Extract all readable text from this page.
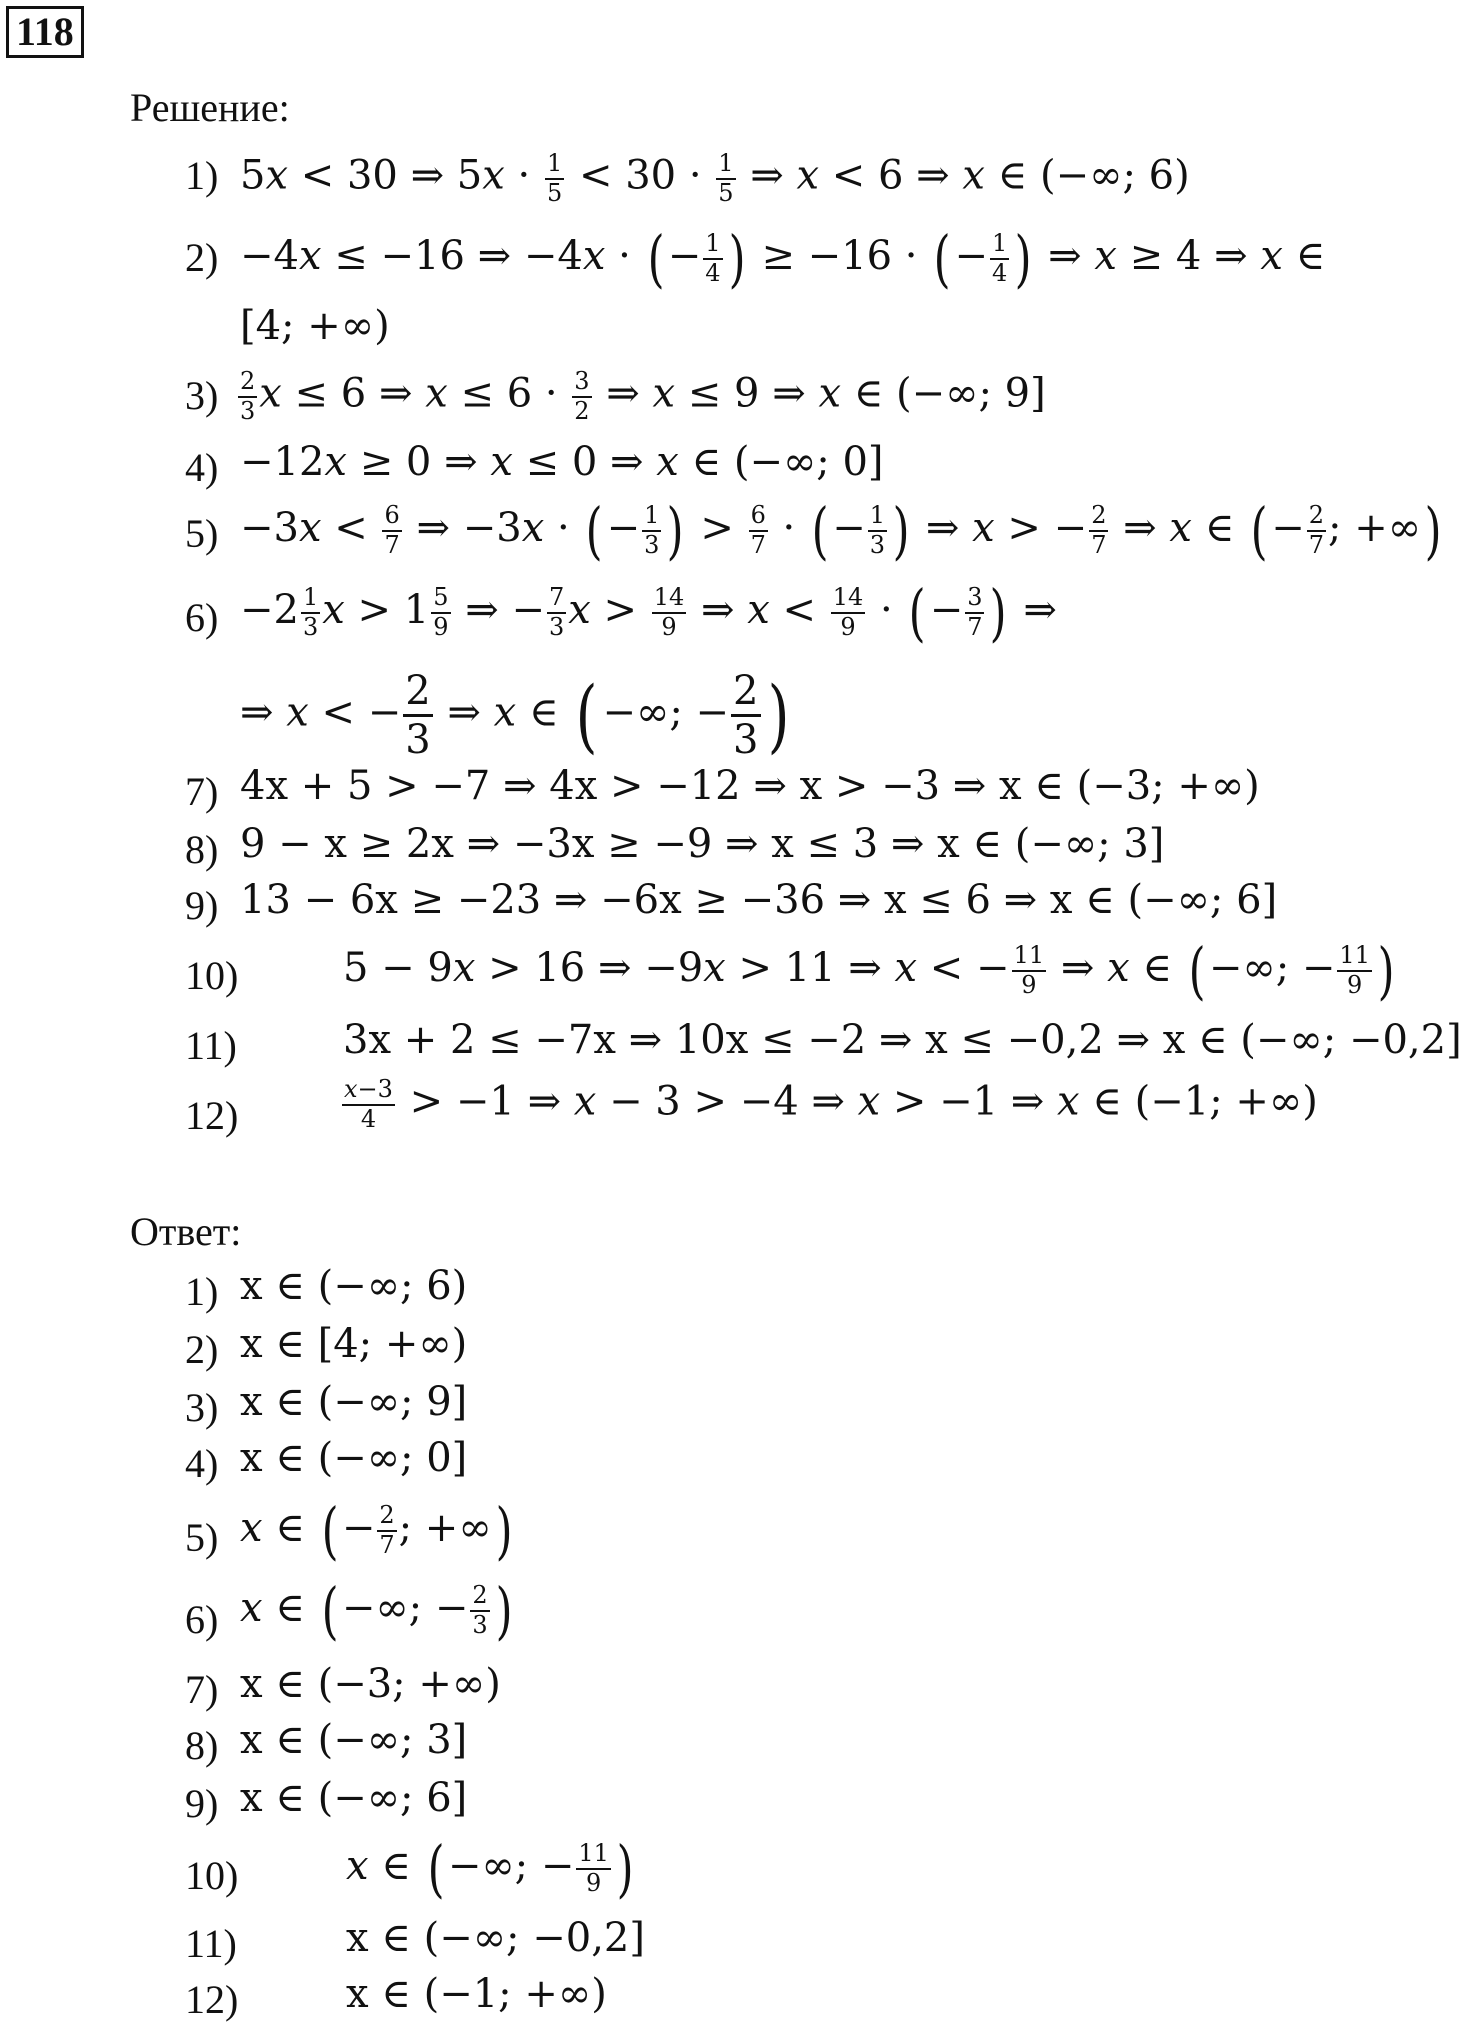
118
Решение:
1) 5x < 30 ⇒ $5x \cdot \frac{1}{5} < 30 \cdot \frac{1}{5}$ ⇒ x < 6 ⇒ x ∈ (−∞; 6)
2) −4x ≤ −16 ⇒ −4x · (− $\frac{1}{4}$ ) ≥ −16 · (− $\frac{1}{4}$ ) ⇒ x ≥ 4 ⇒ x ∈
[4; +∞)
$3) \frac{2}{3}$ x ≤ 6 ⇒ $x \le 6 \cdot \frac{3}{2}$ ⇒ x ≤ 9 ⇒ x ∈ (−∞; 9]
4) −12x ≥ 0 ⇒ x ≤ 0 ⇒ x ∈ (−∞; 0]
$5) -3x < \frac{6}{7}$ ⇒ −3x · (− $\frac{1}{3}$ ) > $\frac{6}{7}$ · (− $\frac{1}{3}$ ) ⇒ x > − $\frac{2}{7}$ ⇒ x ∈ (− $\frac{2}{7}$ ; +∞)
$6) -2 \frac{1}{3}$ $x > 1 \frac{5}{9}$ ⇒ − $\frac{7}{3}$ $x > \frac{14}{9}$ ⇒ $x < \frac{14}{9}$ · (− $\frac{3}{7}$ ) ⇒
⇒ x < − $\frac{2}{3}$ ⇒ x ∈ ( −∞; − $\frac{2}{3}$ )
7) 4x + 5 > −7 ⇒ 4x > −12 ⇒ x > −3 ⇒ x ∈ (−3; +∞)
8) 9 − x ≥ 2x ⇒ −3x ≥ −9 ⇒ x ≤ 3 ⇒ x ∈ (−∞; 3]
9) 13 − 6x ≥ −23 ⇒ −6x ≥ −36 ⇒ x ≤ 6 ⇒ x ∈ (−∞; 6]
10)	5 − 9x > 16 ⇒ −9x > 11 ⇒ x < − $\frac{11}{9}$ ⇒ x ∈ (−∞; − $\frac{11}{9}$ )
11)	3x + 2 ≤ −7x ⇒ 10x ≤ −2 ⇒ x ≤ −0,2 ⇒ x ∈ (−∞; −0,2]
12)	$\frac{x-3}{4} > -1$ ⇒ x − 3 > −4 ⇒ x > −1 ⇒ x ∈ (−1; +∞)
Ответ:
1) x ∈ (−∞; 6)
2) x ∈ [4; +∞)
3) x ∈ (−∞; 9]
4) x ∈ (−∞; 0]
5) x ∈ (− $\frac{2}{7}$ ; +∞)
6) x ∈ (−∞; − $\frac{2}{3}$ )
7) x ∈ (−3; +∞)
8) x ∈ (−∞; 3]
9) x ∈ (−∞; 6]
10)	x ∈ (−∞; − $\frac{11}{9}$ )
11)	x ∈ (−∞; −0,2]
12)	x ∈ (−1; +∞)
